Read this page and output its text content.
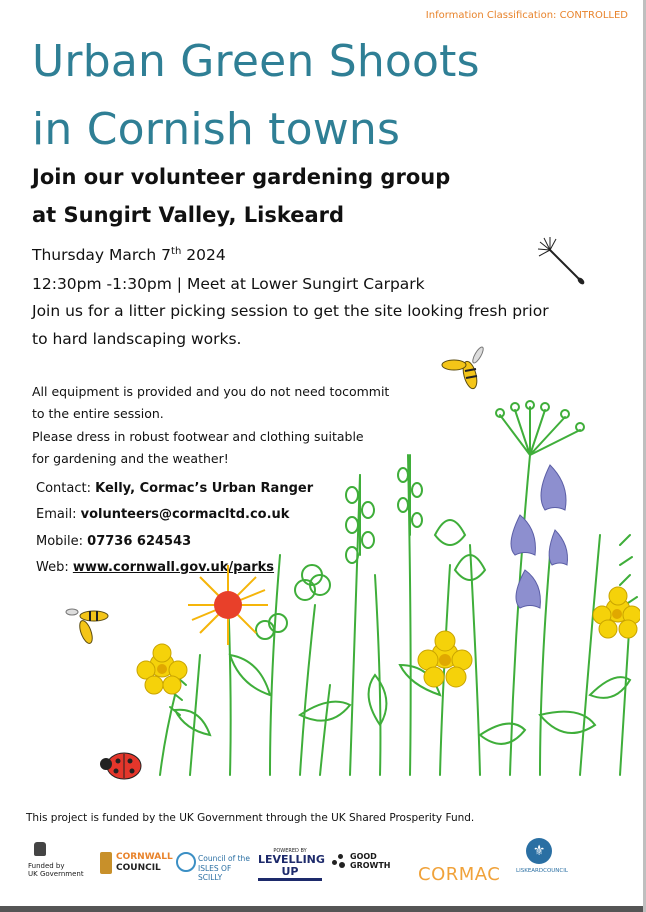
Information Classification: CONTROLLED
Urban Green Shoots
in Cornish towns
Join our volunteer gardening group
at Sungirt Valley, Liskeard
Thursday March 7th 2024
12:30pm -1:30pm | Meet at Lower Sungirt Carpark
Join us for a litter picking session to get the site looking fresh prior
to hard landscaping works.
All equipment is provided and you do not need tocommit
to the entire session.
Please dress in robust footwear and clothing suitable
for gardening and the weather!
Contact: Kelly, Cormac’s Urban Ranger
Email: volunteers@cormacltd.co.uk
Mobile: 07736 624543
Web: www.cornwall.gov.uk/parks
This project is funded by the UK Government through the UK Shared Prosperity Fund.
Funded by
UK Government
CORNWALL
COUNCIL
Council of the
ISLES OF SCILLY
POWERED BY
LEVELLING
UP
GOOD
GROWTH CORMAC
⚜
LISKEARDCOUNCIL
